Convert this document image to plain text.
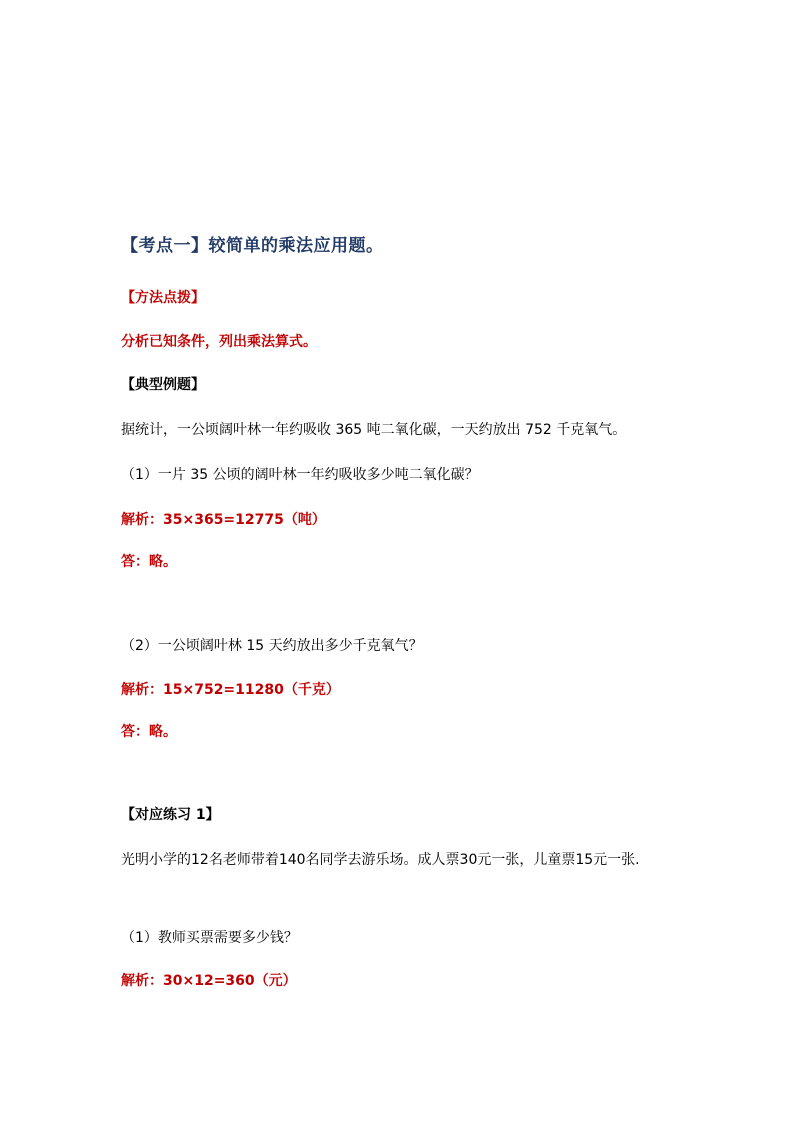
【考点一】较简单的乘法应用题。
【方法点拨】
分析已知条件，列出乘法算式。
【典型例题】
据统计，一公顷阔叶林一年约吸收 365 吨二氧化碳，一天约放出 752 千克氧气。
（1）一片 35 公顷的阔叶林一年约吸收多少吨二氧化碳？
解析：35×365=12775（吨）
答：略。
（2）一公顷阔叶林 15 天约放出多少千克氧气？
解析：15×752=11280（千克）
答：略。
【对应练习 1】
光明小学的12名老师带着140名同学去游乐场。成人票30元一张，儿童票15元一张.
（1）教师买票需要多少钱？
解析：30×12=360（元）
